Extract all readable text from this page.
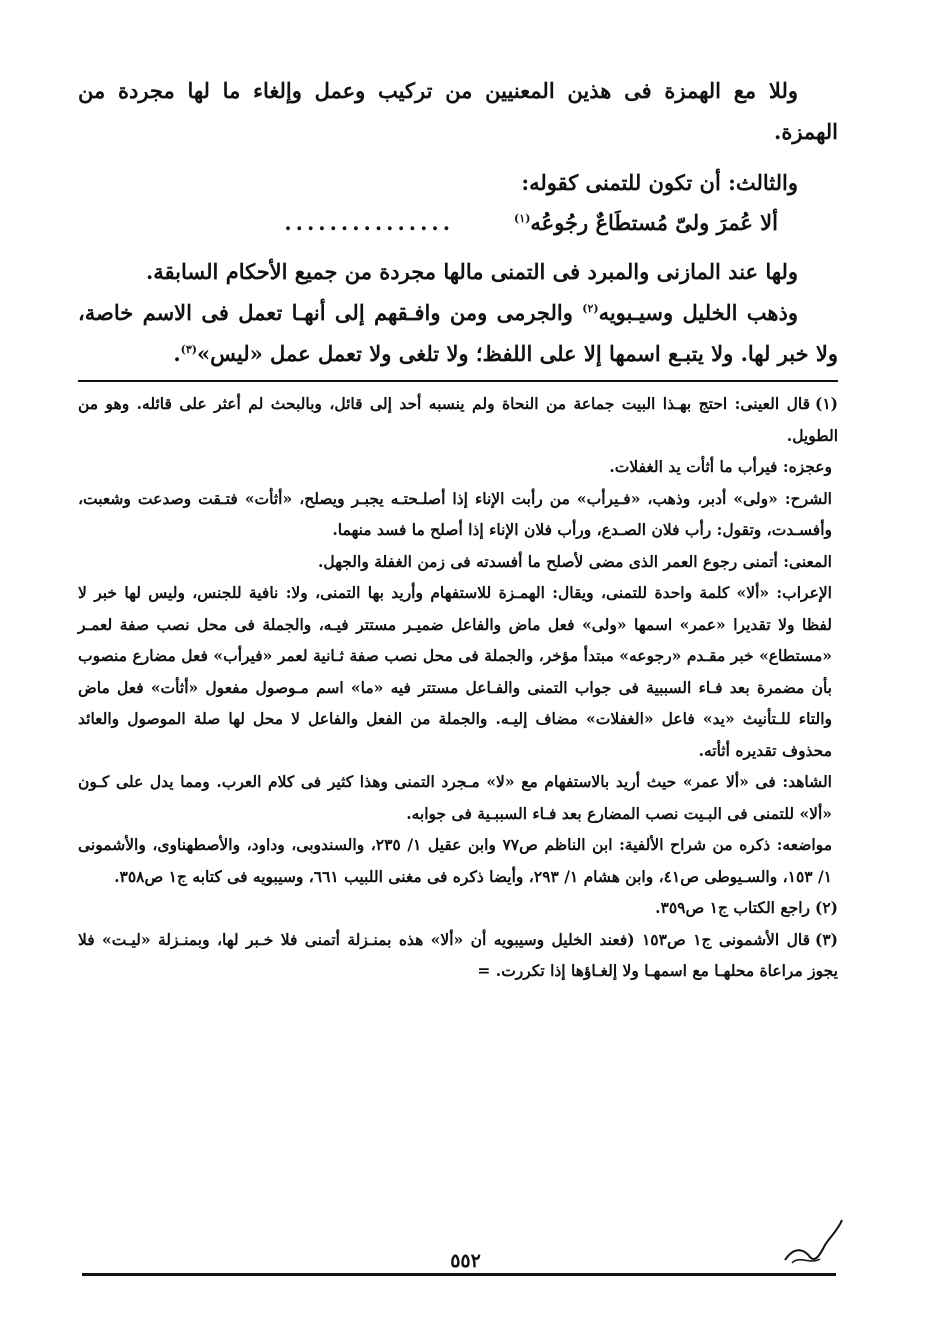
وللا مع الهمزة فى هذين المعنيين من تركيب وعمل وإلغاء ما لها مجردة من الهمزة.

والثالث: أن تكون للتمنى كقوله:
ألا عُمرَ ولىّ مُستطَاعٌ رجُوعُه$^{(١)}$
...............

ولها عند المازنى والمبرد فى التمنى مالها مجردة من جميع الأحكام السابقة.

وذهب الخليل وسيـبويه$^{(٢)}$ والجرمى ومن وافـقهم إلى أنهـا تعمل فى الاسم خاصة، ولا خبر لها. ولا يتبـع اسمها إلا على اللفظ؛ ولا تلغى ولا تعمل عمل «ليس»$^{(٣)}$.

(١)قال العينى: احتج بهـذا البيت جماعة من النحاة ولم ينسبه أحد إلى قائل، وبالبحث لم أعثر على قائله. وهو من الطويل.
وعجزه: فيرأب ما أثأت يد الغفلات.
الشرح: «ولى» أدبر، وذهب، «فـيرأب» من رأبت الإناء إذا أصلـحتـه يجبـر ويصلح، «أثأت» فتـقت وصدعت وشعبت، وأفسـدت، وتقول: رأب فلان الصـدع، ورأب فلان الإناء إذا أصلح ما فسد منهما.
المعنى: أتمنى رجوع العمر الذى مضى لأصلح ما أفسدته فى زمن الغفلة والجهل.
الإعراب: «ألا» كلمة واحدة للتمنى، ويقال: الهمـزة للاستفهام وأريد بها التمنى، ولا: نافية للجنس، وليس لها خبر لا لفظا ولا تقديرا «عمر» اسمها «ولى» فعل ماض والفاعل ضميـر مستتر فيـه، والجملة فى محل نصب صفة لعمـر «مستطاع» خبر مقـدم «رجوعه» مبتدأ مؤخر، والجملة فى محل نصب صفة ثـانية لعمر «فيرأب» فعل مضارع منصوب بأن مضمرة بعد فـاء السببية فى جواب التمنى والفـاعل مستتر فيه «ما» اسم مـوصول مفعول «أثأت» فعل ماض والتاء للـتأنيث «يد» فاعل «الغفلات» مضاف إليـه. والجملة من الفعل والفاعل لا محل لها صلة الموصول والعائد محذوف تقديره أثأته.
الشاهد: فى «ألا عمر» حيث أريد بالاستفهام مع «لا» مـجرد التمنى وهذا كثير فى كلام العرب. ومما يدل على كـون «ألا» للتمنى فى البـيت نصب المضارع بعد فـاء السببـية فى جوابه.
مواضعه: ذكره من شراح الألفية: ابن الناظم ص٧٧ وابن عقيل ١/ ٢٣٥، والسندوبى، وداود، والأصطهناوى، والأشمونى ١/ ١٥٣، والسـيوطى ص٤١، وابن هشام ١/ ٢٩٣، وأيضا ذكره فى مغنى اللبيب ٦٦١، وسيبويه فى كتابه ج١ ص٣٥٨.
(٢)راجع الكتاب ج١ ص٣٥٩.
(٣)قال الأشمونى ج١ ص١٥٣ (فعند الخليل وسيبويه أن «ألا» هذه بمنـزلة أتمنى فلا خـبر لها، وبمنـزلة «ليـت» فلا يجوز مراعاة محلهـا مع اسمهـا ولا إلغـاؤها إذا تكررت. =
٥٥٢
